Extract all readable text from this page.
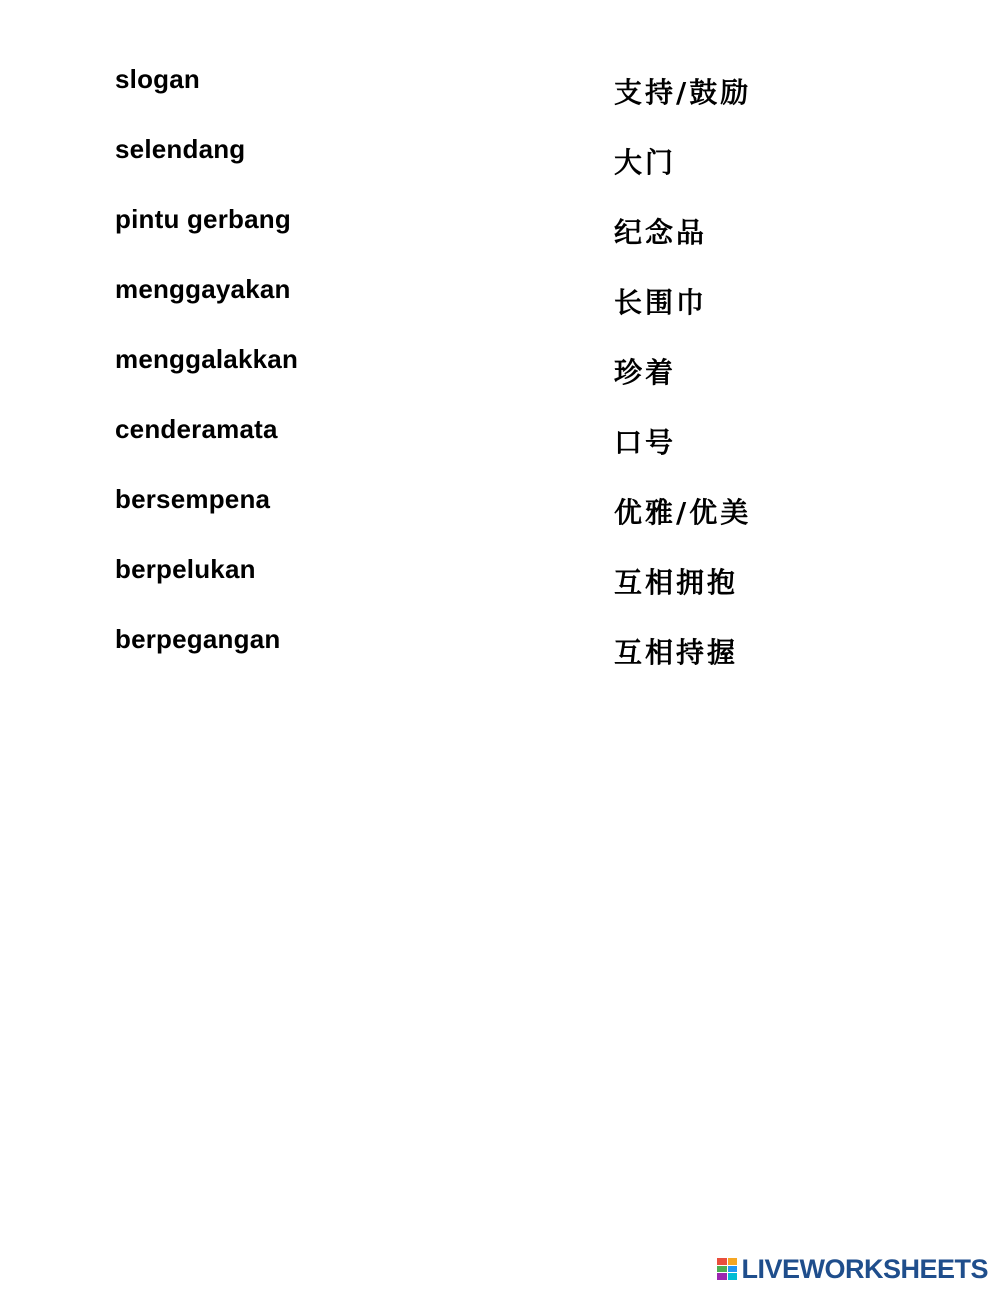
slogan
selendang
pintu gerbang
menggayakan
menggalakkan
cenderamata
bersempena
berpelukan
berpegangan
支持/鼓励
大门
纪念品
长围巾
珍着
口号
优雅/优美
互相拥抱
互相持握
LIVEWORKSHEETS
